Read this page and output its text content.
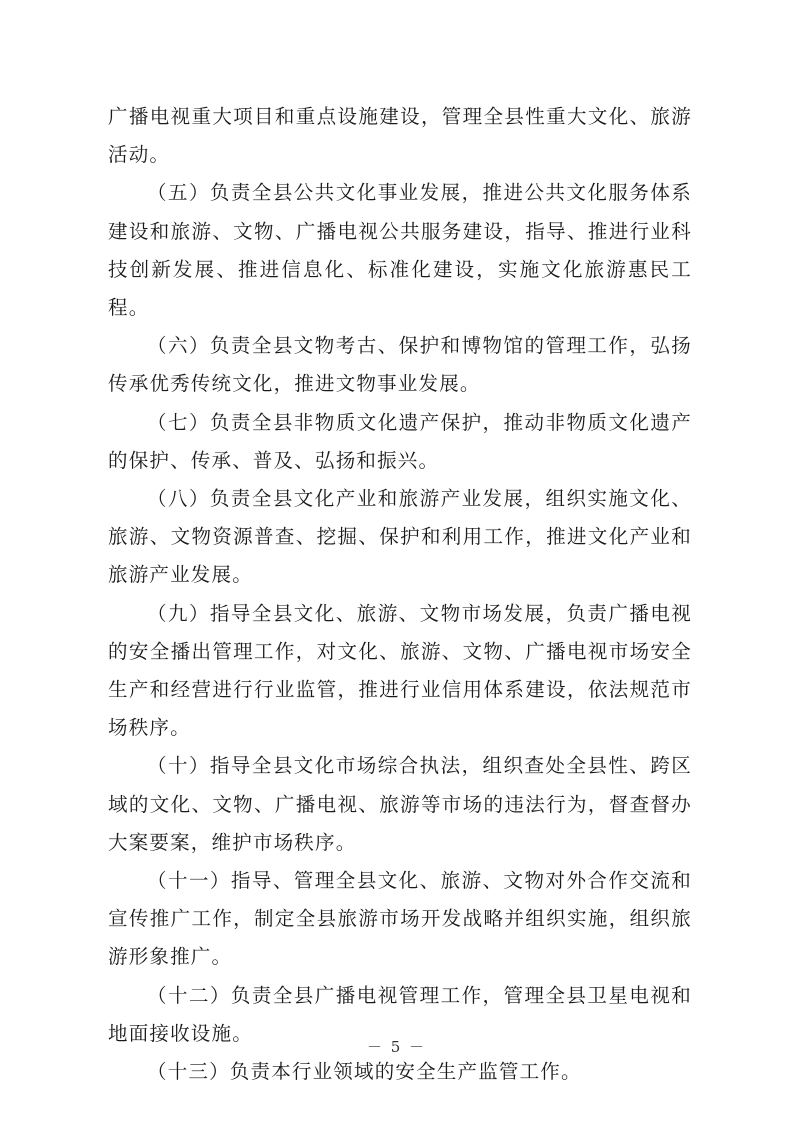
广播电视重大项目和重点设施建设，管理全县性重大文化、旅游活动。

（五）负责全县公共文化事业发展，推进公共文化服务体系建设和旅游、文物、广播电视公共服务建设，指导、推进行业科技创新发展、推进信息化、标准化建设，实施文化旅游惠民工程。

（六）负责全县文物考古、保护和博物馆的管理工作，弘扬传承优秀传统文化，推进文物事业发展。

（七）负责全县非物质文化遗产保护，推动非物质文化遗产的保护、传承、普及、弘扬和振兴。

（八）负责全县文化产业和旅游产业发展，组织实施文化、旅游、文物资源普查、挖掘、保护和利用工作，推进文化产业和旅游产业发展。

（九）指导全县文化、旅游、文物市场发展，负责广播电视的安全播出管理工作，对文化、旅游、文物、广播电视市场安全生产和经营进行行业监管，推进行业信用体系建设，依法规范市场秩序。

（十）指导全县文化市场综合执法，组织查处全县性、跨区域的文化、文物、广播电视、旅游等市场的违法行为，督查督办大案要案，维护市场秩序。

（十一）指导、管理全县文化、旅游、文物对外合作交流和宣传推广工作，制定全县旅游市场开发战略并组织实施，组织旅游形象推广。

（十二）负责全县广播电视管理工作，管理全县卫星电视和地面接收设施。

（十三）负责本行业领域的安全生产监管工作。

－ 5 －
